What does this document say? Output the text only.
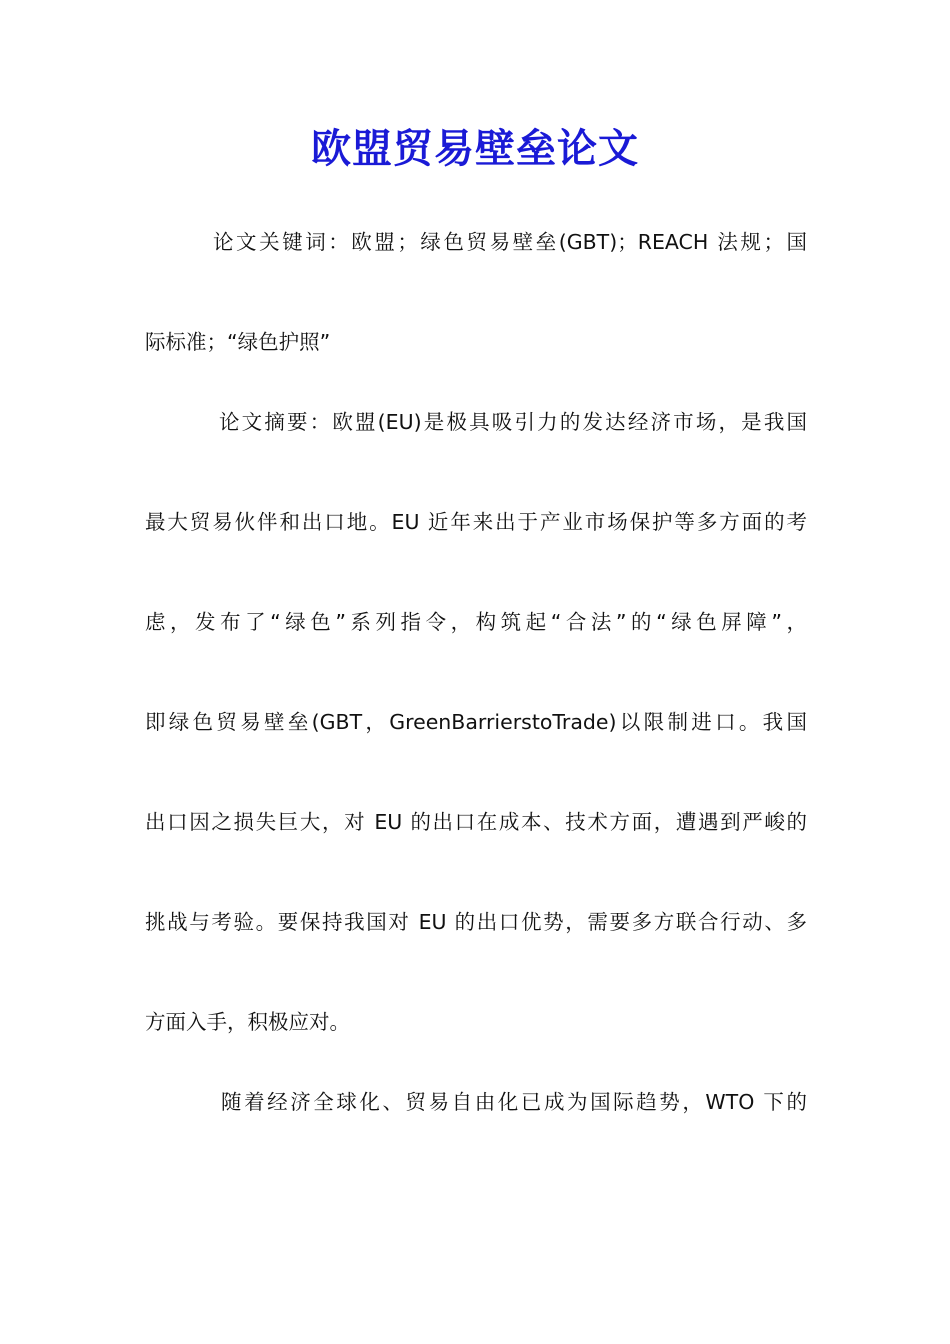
欧盟贸易壁垒论文

论文关键词：欧盟；绿色贸易壁垒(GBT)；REACH 法规；国

际标准；“绿色护照”

论文摘要：欧盟(EU)是极具吸引力的发达经济市场，是我国

最大贸易伙伴和出口地。EU 近年来出于产业市场保护等多方面的考

虑，发布了“绿色”系列指令，构筑起“合法”的“绿色屏障”，

即绿色贸易壁垒(GBT，GreenBarrierstoTrade)以限制进口。我国

出口因之损失巨大，对 EU 的出口在成本、技术方面，遭遇到严峻的

挑战与考验。要保持我国对 EU 的出口优势，需要多方联合行动、多

方面入手，积极应对。

随着经济全球化、贸易自由化已成为国际趋势，WTO 下的
